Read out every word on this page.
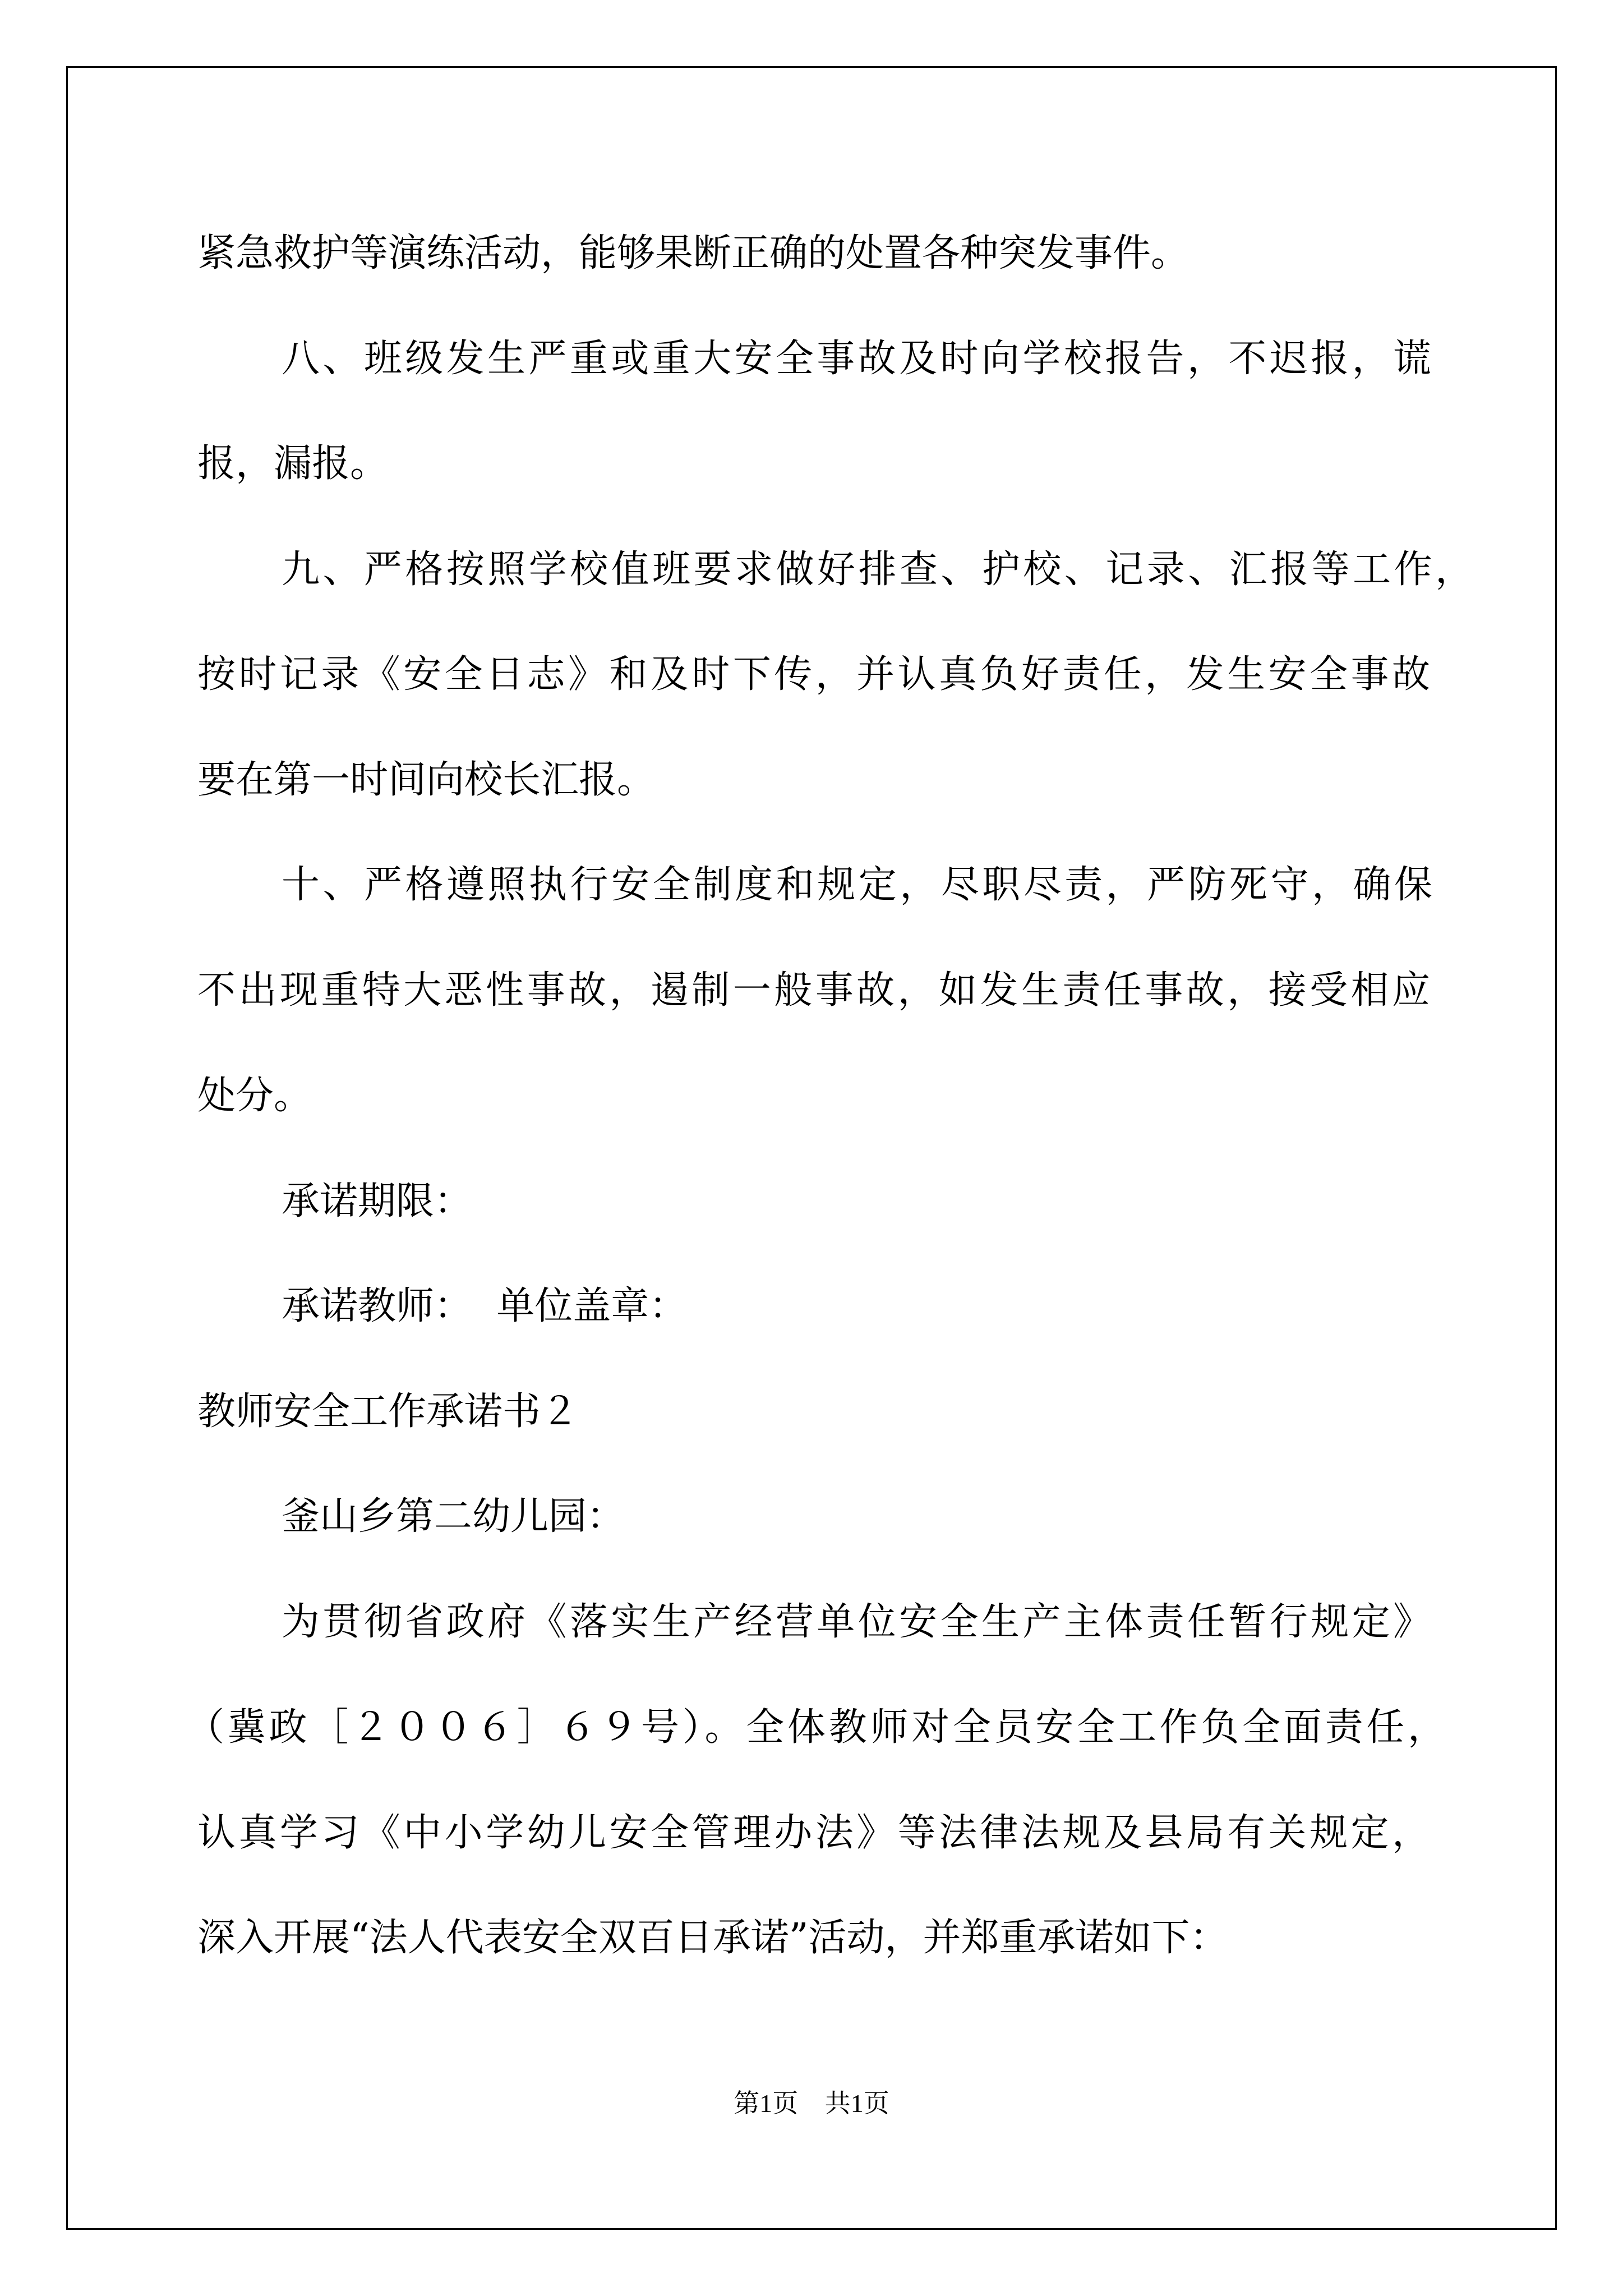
紧急救护等演练活动，能够果断正确的处置各种突发事件。

八、班级发生严重或重大安全事故及时向学校报告，不迟报，谎

报，漏报。

九、严格按照学校值班要求做好排查、护校、记录、汇报等工作，

按时记录《安全日志》和及时下传，并认真负好责任，发生安全事故

要在第一时间向校长汇报。

十、严格遵照执行安全制度和规定，尽职尽责，严防死守，确保

不出现重特大恶性事故，遏制一般事故，如发生责任事故，接受相应

处分。

承诺期限：

承诺教师：  单位盖章：

教师安全工作承诺书２

釜山乡第二幼儿园：

为贯彻省政府《落实生产经营单位安全生产主体责任暂行规定》

（冀政［２００６］６９号）。全体教师对全员安全工作负全面责任，

认真学习《中小学幼儿安全管理办法》等法律法规及县局有关规定，

深入开展“法人代表安全双百日承诺”活动，并郑重承诺如下：

第1页 共1页
